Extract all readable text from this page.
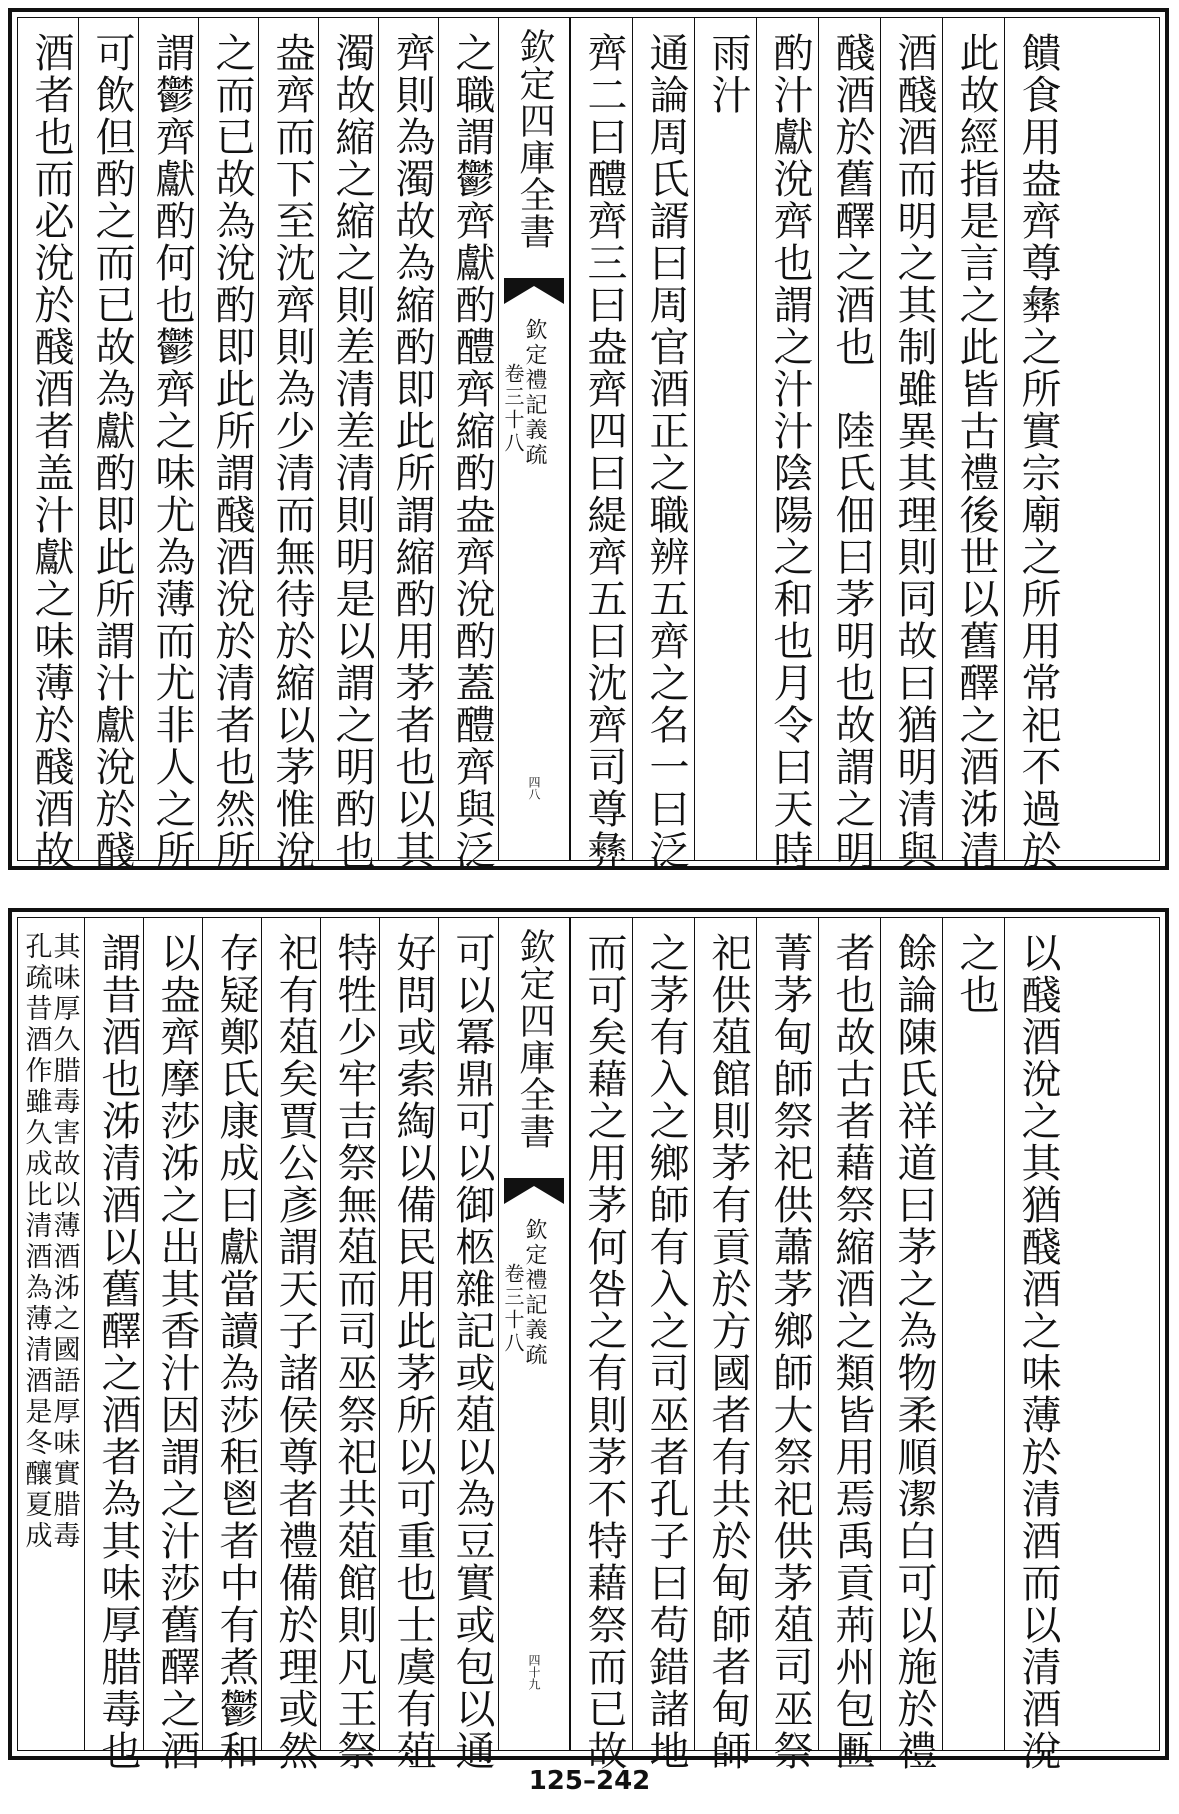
酒者也而必涗於醆酒者盖汁獻之味薄於醆酒故 可飲但酌之而已故為獻酌即此所謂汁獻涗於醆 謂鬱齊獻酌何也鬱齊之味尤為薄而尤非人之所 之而已故為涗酌即此所謂醆酒涗於清者也然所 盎齊而下至沈齊則為少清而無待於縮以茅惟涗 濁故縮之縮之則差清差清則明是以謂之明酌也 齊則為濁故為縮酌即此所謂縮酌用茅者也以其 之職謂鬱齊獻酌醴齊縮酌盎齊涗酌蓋醴齊與泛 欽定四庫全書
欽定禮記義疏
卷三十八
四八 齊二曰醴齊三曰盎齊四曰緹齊五曰沈齊司尊彝 通論周氏諝曰周官酒正之職辨五齊之名一曰泛 雨汁 酌汁獻涗齊也謂之汁汁陰陽之和也月令曰天時 醆酒於舊醳之酒也　陸氏佃曰茅明也故謂之明 酒醆酒而明之其制雖異其理則同故曰猶明清與 此故經指是言之此皆古禮後世以舊醳之酒泲清 饋食用盎齊尊彝之所實宗廟之所用常祀不過於
孔疏昔酒作雖久成比清酒為薄清酒是冬釀夏成
其味厚久腊毒害故以薄酒泲之國語厚味實腊毒 謂昔酒也泲清酒以舊醳之酒者為其味厚腊毒也 以盎齊摩莎泲之出其香汁因謂之汁莎舊醳之酒 存疑鄭氏康成曰獻當讀為莎秬鬯者中有煮鬱和 祀有葅矣賈公彥謂天子諸侯尊者禮備於理或然 特牲少牢吉祭無葅而司巫祭祀共葅館則凡王祭 好問或索綯以備民用此茅所以可重也士虞有葅 可以冪鼎可以御柩雜記或葅以為豆實或包以通 欽定四庫全書
欽定禮記義疏
卷三十八
四十九 而可矣藉之用茅何咎之有則茅不特藉祭而已故 之茅有入之鄉師有入之司巫者孔子曰苟錯諸地 祀供葅館則茅有貢於方國者有共於甸師者甸師 菁茅甸師祭祀供蕭茅鄉師大祭祀供茅葅司巫祭 者也故古者藉祭縮酒之類皆用焉禹貢荊州包匭 餘論陳氏祥道曰茅之為物柔順潔白可以施於禮 之也 以醆酒涗之其猶醆酒之味薄於清酒而以清酒涗
125–242
